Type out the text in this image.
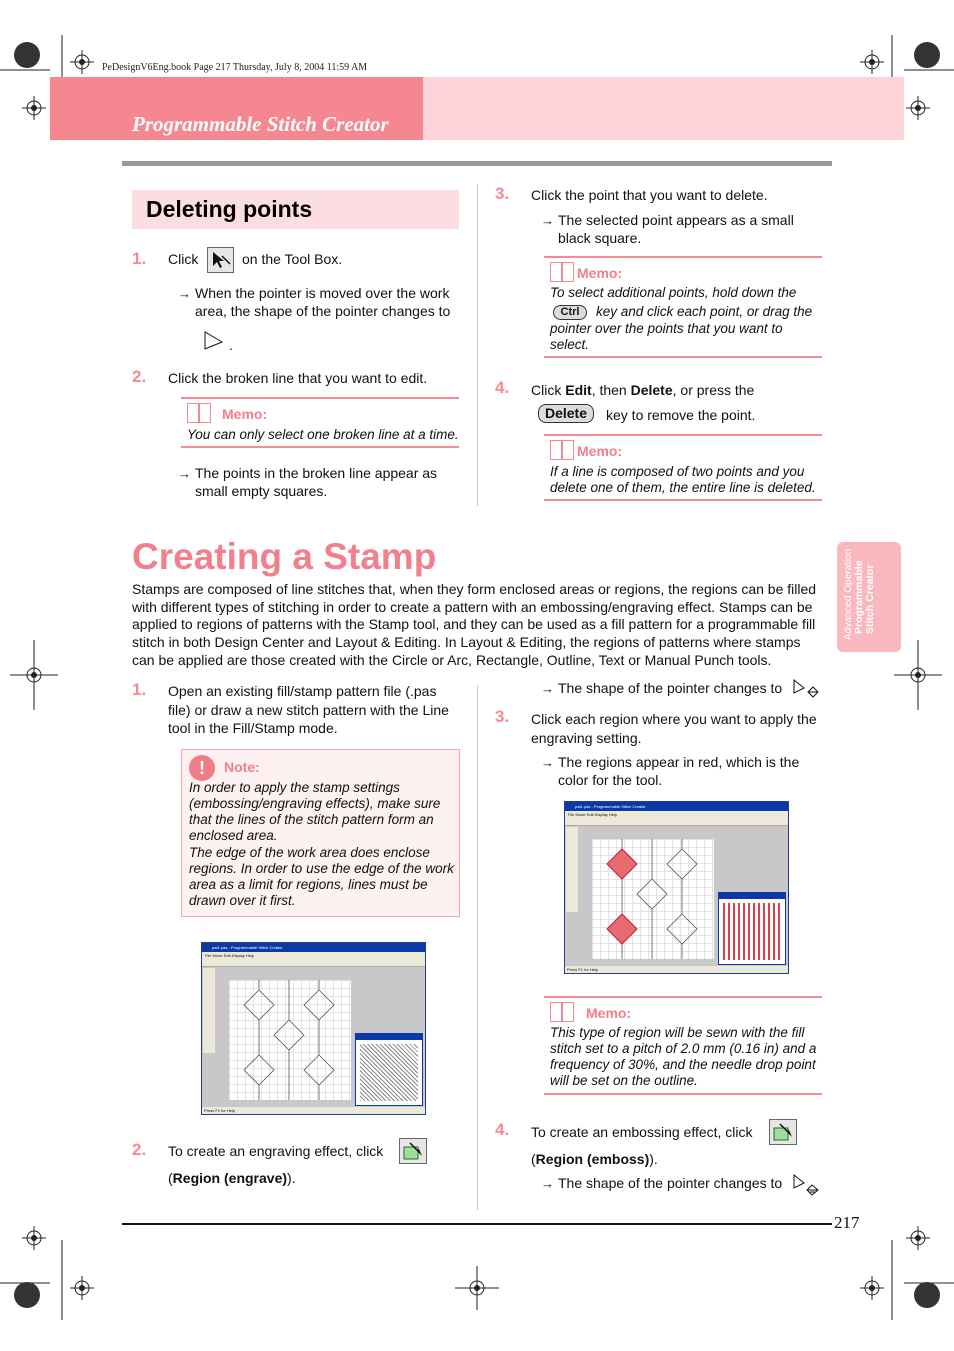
PeDesignV6Eng.book Page 217 Thursday, July 8, 2004 11:59 AM
Programmable Stitch Creator
Deleting points
1. Click	on the Tool Box.
→ When the pointer is moved over the work
area, the shape of the pointer changes to
.
2. Click the broken line that you want to edit.
Memo:
You can only select one broken line at a time.
→ The points in the broken line appear as
small empty squares.
3. Click the point that you want to delete.
→ The selected point appears as a small
black square.
Memo:
To select additional points, hold down the
Ctrl	key and click each point, or drag the
pointer over the points that you want to
select.
4. Click Edit, then Delete, or press the
Delete	key to remove the point.
Memo:
If a line is composed of two points and you
delete one of them, the entire line is deleted.
Advanced Operation Programmable Stitch Creator
Creating a Stamp
Stamps are composed of line stitches that, when they form enclosed areas or regions, the regions can be filled with different types of stitching in order to create a pattern with an embossing/engraving effect. Stamps can be applied to regions of patterns with the Stamp tool, and they can be used as a fill pattern for a programmable fill stitch in both Design Center and Layout & Editing. In Layout & Editing, the regions of patterns where stamps can be applied are those created with the Circle or Arc, Rectangle, Outline, Text or Manual Punch tools.
1. Open an existing fill/stamp pattern file (.pas
file) or draw a new stitch pattern with the Line
tool in the Fill/Stamp mode.
!	Note:
In order to apply the stamp settings
(embossing/engraving effects), make sure
that the lines of the stitch pattern form an
enclosed area.
The edge of the work area does enclose
regions. In order to use the edge of the work
area as a limit for regions, lines must be
drawn over it first.
pat1.pas - Programmable Stitch Creator
File Mode Edit Display Help
Press F1 for Help
2. To create an engraving effect, click
(Region (engrave)).
→ The shape of the pointer changes to
3. Click each region where you want to apply the
engraving setting.
→ The regions appear in red, which is the
color for the tool.
pat1.pas - Programmable Stitch Creator
File Mode Edit Display Help
Press F1 for Help
Memo:
This type of region will be sewn with the fill
stitch set to a pitch of 2.0 mm (0.16 in) and a
frequency of 30%, and the needle drop point
will be set on the outline.
4. To create an embossing effect, click
(Region (emboss)).
→ The shape of the pointer changes to
217
